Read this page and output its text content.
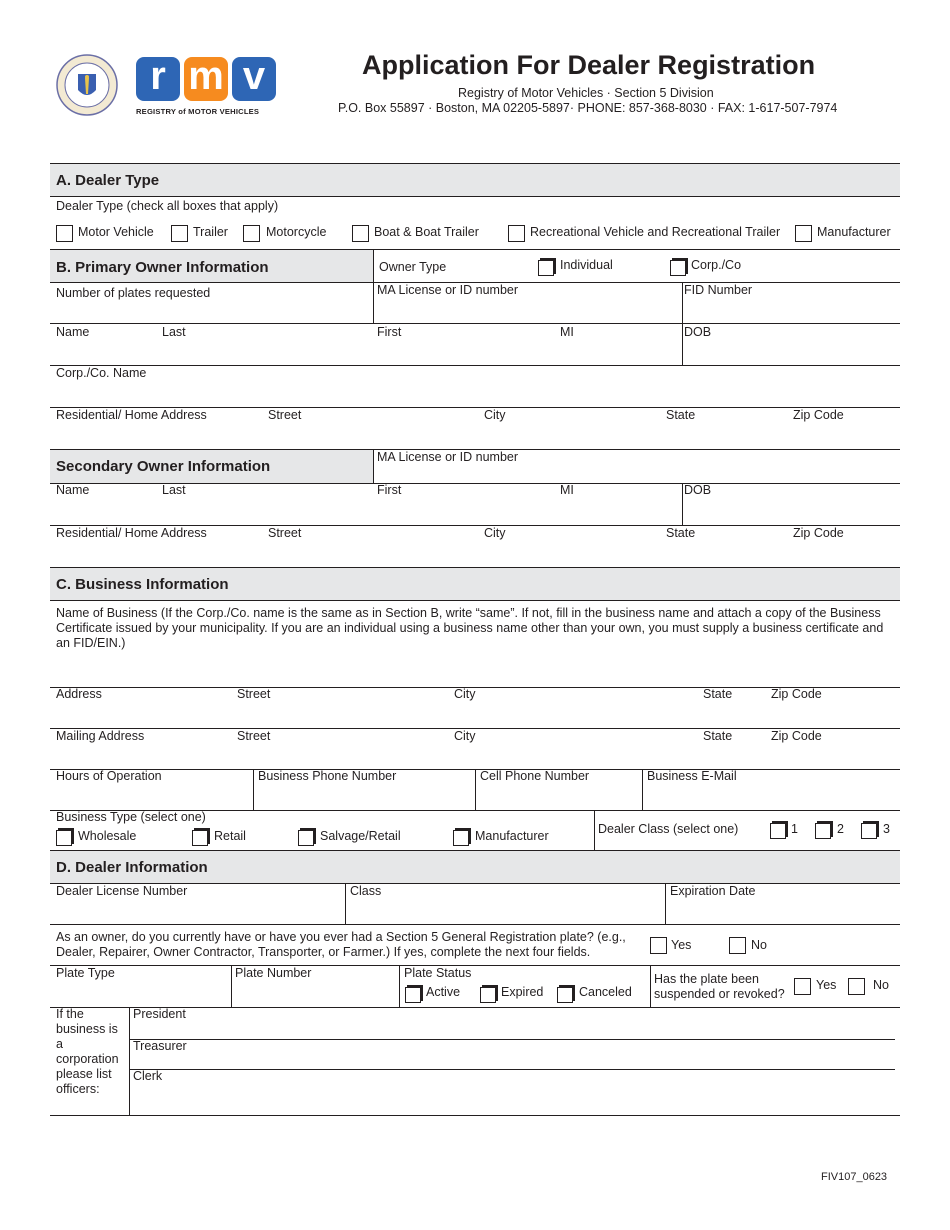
r m v
REGISTRY of MOTOR VEHICLES
Application For Dealer Registration
Registry of Motor Vehicles · Section 5 Division
P.O. Box 55897 · Boston, MA 02205-5897· PHONE: 857-368-8030 · FAX: 1-617-507-7974
A. Dealer Type
Dealer Type (check all boxes that apply)
Motor Vehicle	Trailer	Motorcycle	Boat & Boat Trailer	Recreational Vehicle and Recreational Trailer	Manufacturer
B. Primary Owner Information	Owner Type	Individual	Corp./Co
Number of plates requested	MA License or ID number	FID Number
Name	Last	First	MI	DOB
Corp./Co. Name
Residential/ Home Address	Street	City	State	Zip Code
Secondary Owner Information
MA License or ID number
Name	Last	First	MI	DOB
Residential/ Home Address	Street	City	State	Zip Code
C. Business Information
Name of Business (If the Corp./Co. name is the same as in Section B, write “same”. If not, fill in the business name and attach a copy of the Business Certificate issued by your municipality. If you are an individual using a business name other than your own, you must supply a business certificate and an FID/EIN.)
Address	Street	City	State	Zip Code
Mailing Address	Street	City	State	Zip Code
Hours of Operation	Business Phone Number	Cell Phone Number	Business E-Mail
Business Type (select one)
Wholesale	Retail	Salvage/Retail	Manufacturer	Dealer Class (select one)	1	2	3
D. Dealer Information
Dealer License Number	Class	Expiration Date
As an owner, do you currently have or have you ever had a Section 5 General Registration plate? (e.g., Dealer, Repairer, Owner Contractor, Transporter, or Farmer.) If yes, complete the next four fields.	Yes	No
Plate Type	Plate Number	Plate Status
Active	Expired	Canceled
Has the plate been suspended or revoked?
Yes	No
If the business is a corporation please list officers:
President
Treasurer
Clerk
FIV107_0623
